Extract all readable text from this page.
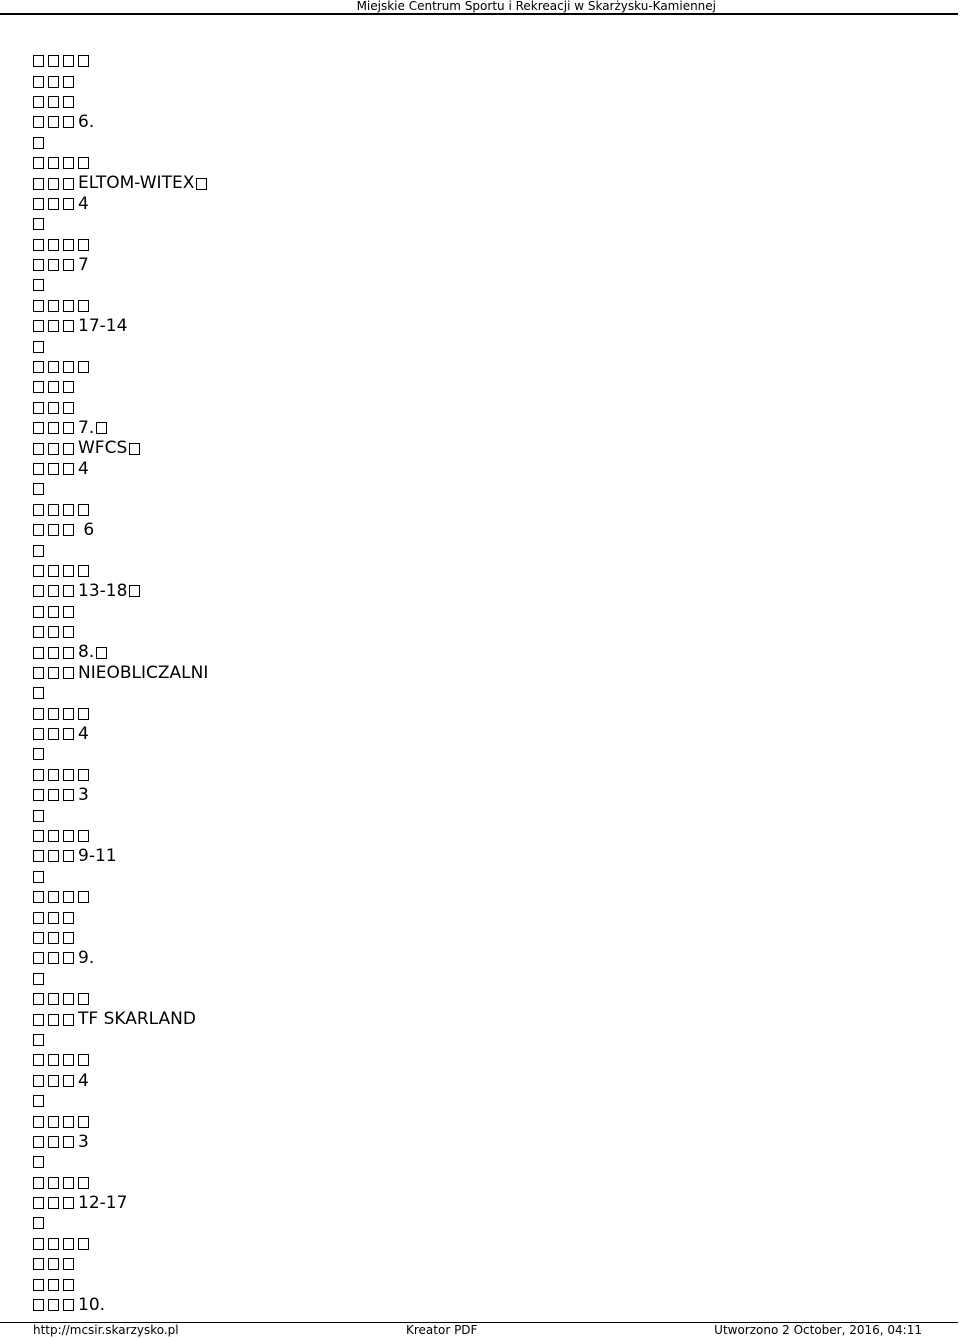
Miejskie Centrum Sportu i Rekreacji w Skarżysku-Kamiennej
6.
ELTOM-WITEX
4
7
17-14
7.
WFCS
4
6
13-18
8.
NIEOBLICZALNI
4
3
9-11
9.
TF SKARLAND
4
3
12-17
10.
http://mcsir.skarzysko.pl	Kreator PDF	Utworzono 2 October, 2016, 04:11
